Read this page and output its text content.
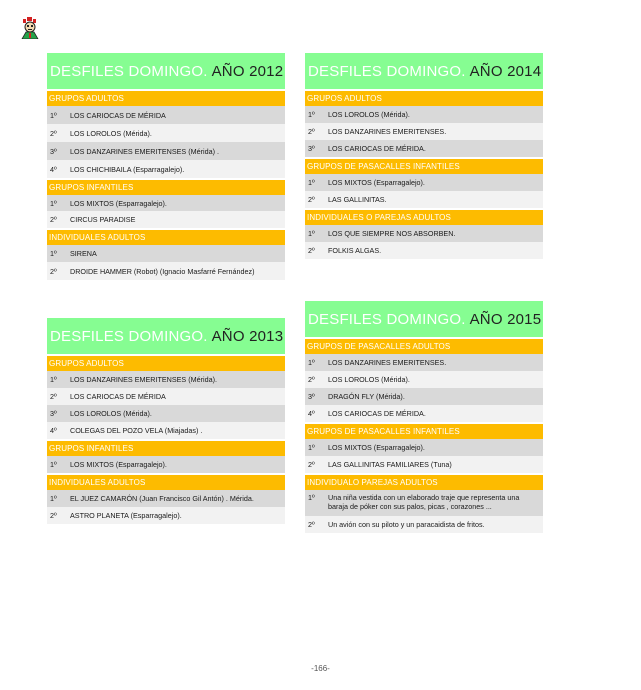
DESFILES DOMINGO. AÑO 2012
GRUPOS ADULTOS
1º	LOS CARIOCAS DE MÉRIDA
2º	LOS LOROLOS (Mérida).
3º	LOS DANZARINES EMERITENSES (Mérida) .
4º	LOS CHICHIBAILA (Esparragalejo).
GRUPOS INFANTILES
1º	LOS MIXTOS (Esparragalejo).
2º	CIRCUS PARADISE
INDIVIDUALES ADULTOS
1º	SIRENA
2º	DROIDE HAMMER (Robot) (Ignacio Masfarré Fernández)
DESFILES DOMINGO. AÑO 2014
GRUPOS ADULTOS
1º	LOS LOROLOS (Mérida).
2º	LOS DANZARINES EMERITENSES.
3º	LOS CARIOCAS DE MÉRIDA.
GRUPOS DE PASACALLES INFANTILES
1º	LOS MIXTOS (Esparragalejo).
2º	LAS GALLINITAS.
INDIVIDUALES O PAREJAS ADULTOS
1º	LOS QUE SIEMPRE NOS ABSORBEN.
2º	FOLKIS ALGAS.
DESFILES DOMINGO. AÑO 2013
GRUPOS ADULTOS
1º	LOS DANZARINES EMERITENSES (Mérida).
2º	LOS CARIOCAS DE MÉRIDA
3º	LOS LOROLOS (Mérida).
4º	COLEGAS DEL POZO VELA (Miajadas) .
GRUPOS INFANTILES
1º	LOS MIXTOS (Esparragalejo).
INDIVIDUALES ADULTOS
1º	EL JUEZ CAMARÓN (Juan Francisco Gil Antón) . Mérida.
2º	ASTRO PLANETA (Esparragalejo).
DESFILES DOMINGO. AÑO 2015
GRUPOS DE PASACALLES ADULTOS
1º	LOS DANZARINES EMERITENSES.
2º	LOS LOROLOS (Mérida).
3º	DRAGÓN FLY (Mérida).
4º	LOS CARIOCAS DE MÉRIDA.
GRUPOS DE PASACALLES INFANTILES
1º	LOS MIXTOS (Esparragalejo).
2º	LAS GALLINITAS FAMILIARES (Tuna)
INDIVIDUALO PAREJAS ADULTOS
1º	Una niña vestida con un elaborado traje que representa una baraja de póker con sus palos, picas , corazones ...
2º	Un avión con su piloto y un paracaidista de fritos.
-166-
